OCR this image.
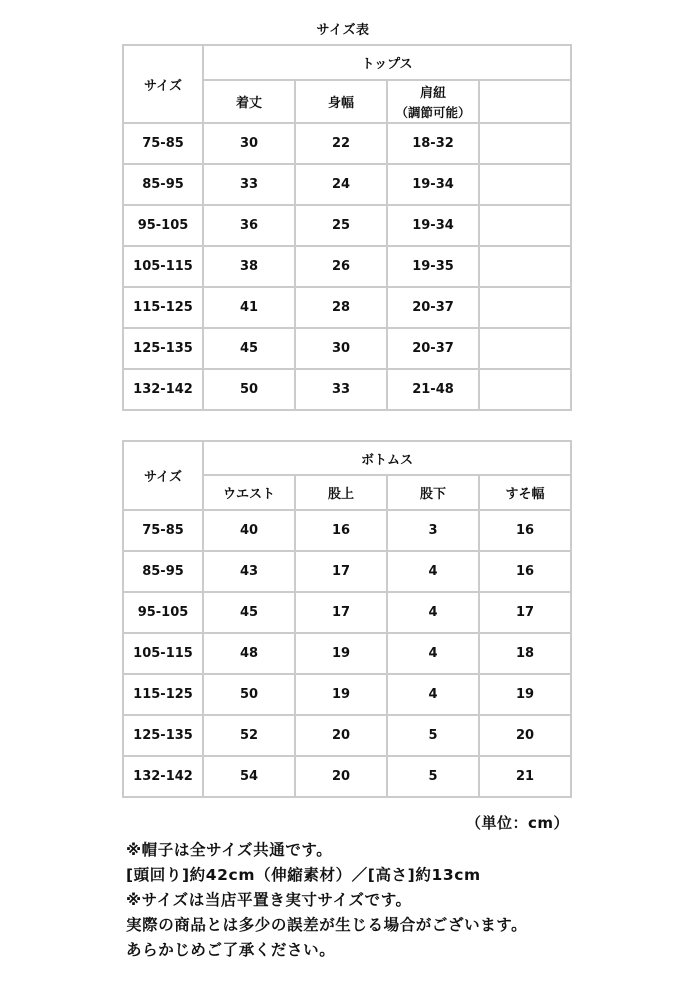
サイズ表
サイズ	トップス			
	着丈	身幅	肩紐
（調節可能）	

75-85	30	22	18-32	
85-95	33	24	19-34	
95-105	36	25	19-34	
105-115	38	26	19-35	
115-125	41	28	20-37	
125-135	45	30	20-37	
132-142	50	33	21-48	
サイズ	ボトムス			
	ウエスト	股上	股下	すそ幅
75-85	40	16	3	16
85-95	43	17	4	16
95-105	45	17	4	17
105-115	48	19	4	18
115-125	50	19	4	19
125-135	52	20	5	20
132-142	54	20	5	21
（単位：cm）
※帽子は全サイズ共通です。
[頭回り]約42cm（伸縮素材）／[高さ]約13cm
※サイズは当店平置き実寸サイズです。
実際の商品とは多少の誤差が生じる場合がございます。
あらかじめご了承ください。
